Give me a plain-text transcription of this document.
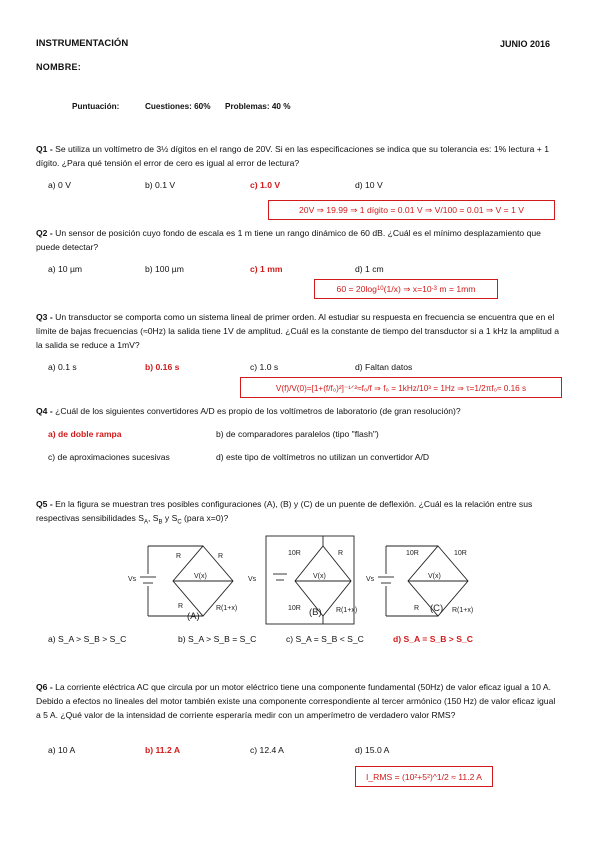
INSTRUMENTACIÓN	JUNIO 2016
NOMBRE:
Puntuación:	Cuestiones: 60% Problemas: 40 %
Q1 - Se utiliza un voltímetro de 3½ dígitos en el rango de 20V. Si en las especificaciones se indica que su tolerancia es: 1% lectura + 1 dígito. ¿Para qué tensión el error de cero es igual al error de lectura?
a) 0 V	b) 0.1 V	c) 1.0 V	d) 10 V
20V ⇒ 19.99 ⇒ 1 dígito = 0.01 V ⇒ V/100 = 0.01 ⇒ V = 1 V
Q2 - Un sensor de posición cuyo fondo de escala es 1 m tiene un rango dinámico de 60 dB. ¿Cuál es el mínimo desplazamiento que puede detectar?
a) 10 µm	b) 100 µm	c) 1 mm	d) 1 cm
60 = 20log 10 (1/x) ⇒ x=10 -3 m = 1mm
Q3 - Un transductor se comporta como un sistema lineal de primer orden. Al estudiar su respuesta en frecuencia se encuentra que en el límite de bajas frecuencias (≈0Hz) la salida tiene 1V de amplitud. ¿Cuál es la constante de tiempo del transductor si a 1 kHz la amplitud a la salida se reduce a 1mV?
a) 0.1 s	b) 0.16 s	c) 1.0 s	d) Faltan datos
V(f)/V(0)=[1+(f/f₀)²]⁻¹ᐟ²≈f₀/f ⇒ f₀ = 1kHz/10³ = 1Hz ⇒ τ=1/2πf₀≈ 0.16 s
Q4 - ¿Cuál de los siguientes convertidores A/D es propio de los voltímetros de laboratorio (de gran resolución)?
a) de doble rampa	b) de comparadores paralelos (tipo "flash")
c) de aproximaciones sucesivas	d) este tipo de voltímetros no utilizan un convertidor A/D
Q5 - En la figura se muestran tres posibles configuraciones (A), (B) y (C) de un puente de deflexión. ¿Cuál es la relación entre sus respectivas sensibilidades $S_A$, $S_B$ y $S_C$ (para x=0)?
Vs
R	R
V(x)
R	R(1+x)
Vs
10R	R
V(x)
10R	R(1+x)
Vs
10R	10R
V(x)
R	R(1+x)
(A)	(B)	(C)
a) S_A > S_B > S_C	b) S_A > S_B = S_C	c) S_A = S_B < S_C	d) S_A = S_B > S_C
Q6 - La corriente eléctrica AC que circula por un motor eléctrico tiene una componente fundamental (50Hz) de valor eficaz igual a 10 A. Debido a efectos no lineales del motor también existe una componente correspondiente al tercer armónico (150 Hz) de valor eficaz igual a 5 A. ¿Qué valor de la intensidad de corriente esperaría medir con un amperímetro de verdadero valor RMS?
a) 10 A	b) 11.2 A	c) 12.4 A	d) 15.0 A
I_RMS = (10²+5²)^1/2 ≈ 11.2 A
